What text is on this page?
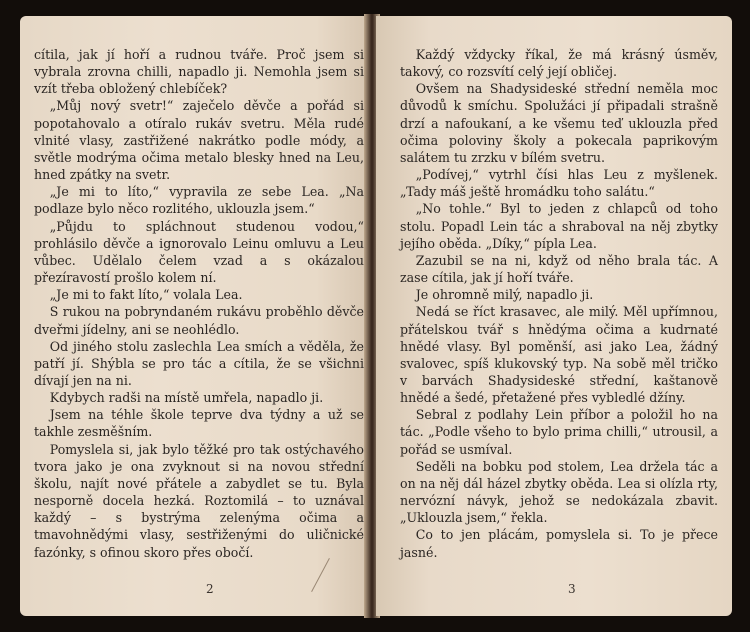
cítila, jak jí hoří a rudnou tváře. Proč jsem si vybrala zrovna chilli, napadlo ji. Nemohla jsem si vzít třeba obložený chlebíček?

„Můj nový svetr!“ zaječelo děvče a pořád si popotahovalo a otíralo rukáv svetru. Měla rudé vlnité vlasy, zastřižené nakrátko podle módy, a světle modrýma očima metalo blesky hned na Leu, hned zpátky na svetr.

„Je mi to líto,“ vypravila ze sebe Lea. „Na podlaze bylo něco rozlitého, uklouzla jsem.“

„Půjdu to spláchnout studenou vodou,“ prohlásilo děvče a ignorovalo Leinu omluvu a Leu vůbec. Udělalo čelem vzad a s okázalou přezíravostí prošlo kolem ní.

„Je mi to fakt líto,“ volala Lea.

S rukou na pobryndaném rukávu proběhlo děvče dveřmi jídelny, ani se neohlédlo.

Od jiného stolu zaslechla Lea smích a věděla, že patří jí. Shýbla se pro tác a cítila, že se všichni dívají jen na ni.

Kdybych radši na místě umřela, napadlo ji.

Jsem na téhle škole teprve dva týdny a už se takhle zesměšním.

Pomyslela si, jak bylo těžké pro tak ostýchavého tvora jako je ona zvyknout si na novou střední školu, najít nové přátele a zabydlet se tu. Byla nesporně docela hezká. Roztomilá – to uznával každý – s bystrýma zelenýma očima a tmavohnědými vlasy, sestřiženými do uličnické fazónky, s ofinou skoro přes obočí.

2

Každý vždycky říkal, že má krásný úsměv, takový, co rozsvítí celý její obličej.

Ovšem na Shadysideské střední neměla moc důvodů k smíchu. Spolužáci jí připadali strašně drzí a nafoukaní, a ke všemu teď uklouzla před očima poloviny školy a pokecala paprikovým salátem tu zrzku v bílém svetru.

„Podívej,“ vytrhl čísi hlas Leu z myšlenek. „Tady máš ještě hromádku toho salátu.“

„No tohle.“ Byl to jeden z chlapců od toho stolu. Popadl Lein tác a shraboval na něj zbytky jejího oběda. „Díky,“ pípla Lea.

Zazubil se na ni, když od něho brala tác. A zase cítila, jak jí hoří tváře.

Je ohromně milý, napadlo ji.

Nedá se říct krasavec, ale milý. Měl upřímnou, přátelskou tvář s hnědýma očima a kudrnaté hnědé vlasy. Byl poměnší, asi jako Lea, žádný svalovec, spíš klukovský typ. Na sobě měl tričko v barvách Shadysideské střední, kaštanově hnědé a šedé, přetažené přes vybledlé džíny.

Sebral z podlahy Lein příbor a položil ho na tác. „Podle všeho to bylo prima chilli,“ utrousil, a pořád se usmíval.

Seděli na bobku pod stolem, Lea držela tác a on na něj dál házel zbytky oběda. Lea si olízla rty, nervózní návyk, jehož se nedokázala zbavit. „Uklouzla jsem,“ řekla.

Co to jen plácám, pomyslela si. To je přece jasné.

3
